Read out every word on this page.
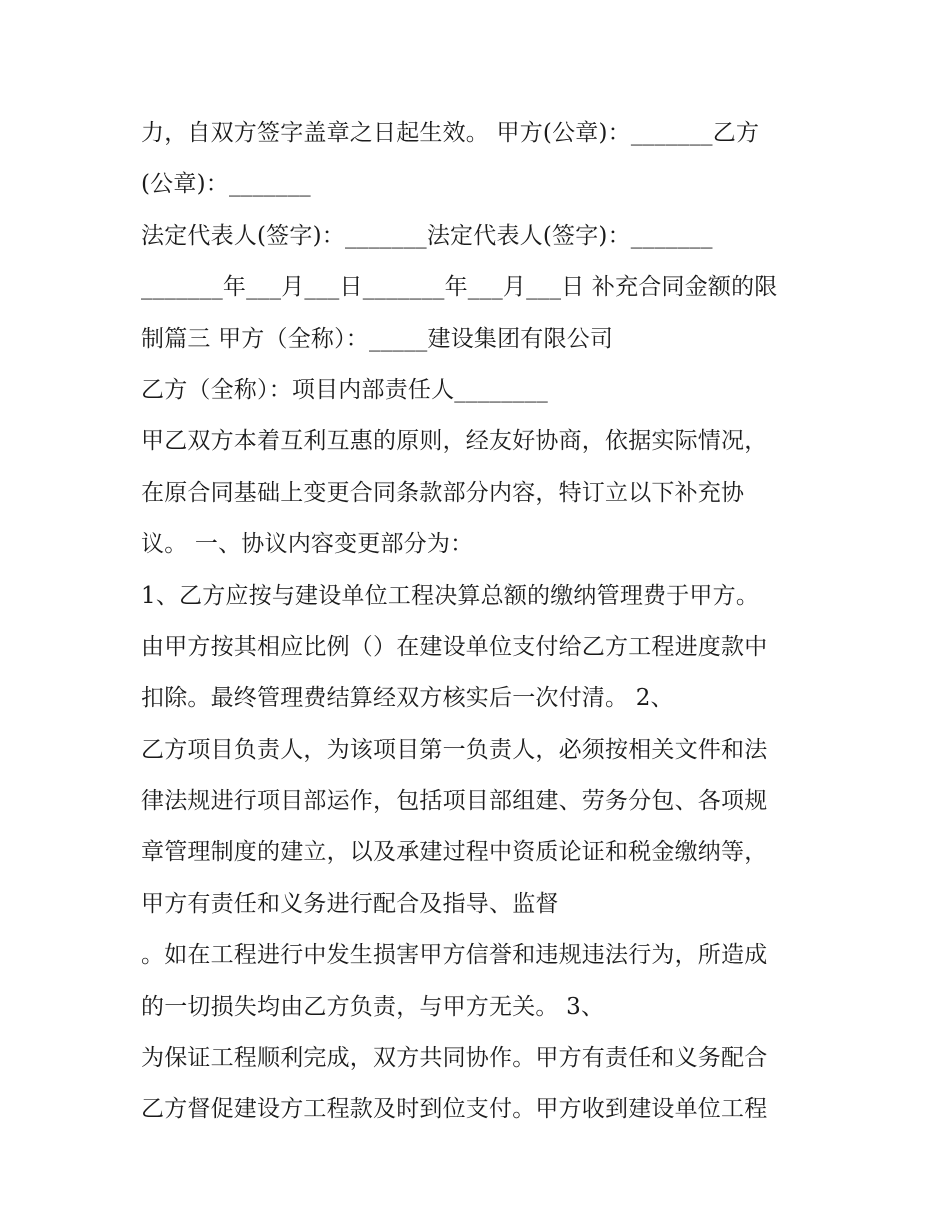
力，自双方签字盖章之日起生效。 甲方(公章)：_______乙方
(公章)：_______
法定代表人(签字)：_______法定代表人(签字)：_______
_______年___月___日_______年___月___日 补充合同金额的限
制篇三 甲方（全称）：_____建设集团有限公司
乙方（全称）：项目内部责任人________
甲乙双方本着互利互惠的原则，经友好协商，依据实际情况，
在原合同基础上变更合同条款部分内容，特订立以下补充协
议。 一、协议内容变更部分为：
1、乙方应按与建设单位工程决算总额的缴纳管理费于甲方。
由甲方按其相应比例（）在建设单位支付给乙方工程进度款中
扣除。最终管理费结算经双方核实后一次付清。 2、
乙方项目负责人，为该项目第一负责人，必须按相关文件和法
律法规进行项目部运作，包括项目部组建、劳务分包、各项规
章管理制度的建立，以及承建过程中资质论证和税金缴纳等，
甲方有责任和义务进行配合及指导、监督
。如在工程进行中发生损害甲方信誉和违规违法行为，所造成
的一切损失均由乙方负责，与甲方无关。 3、
为保证工程顺利完成，双方共同协作。甲方有责任和义务配合
乙方督促建设方工程款及时到位支付。甲方收到建设单位工程
